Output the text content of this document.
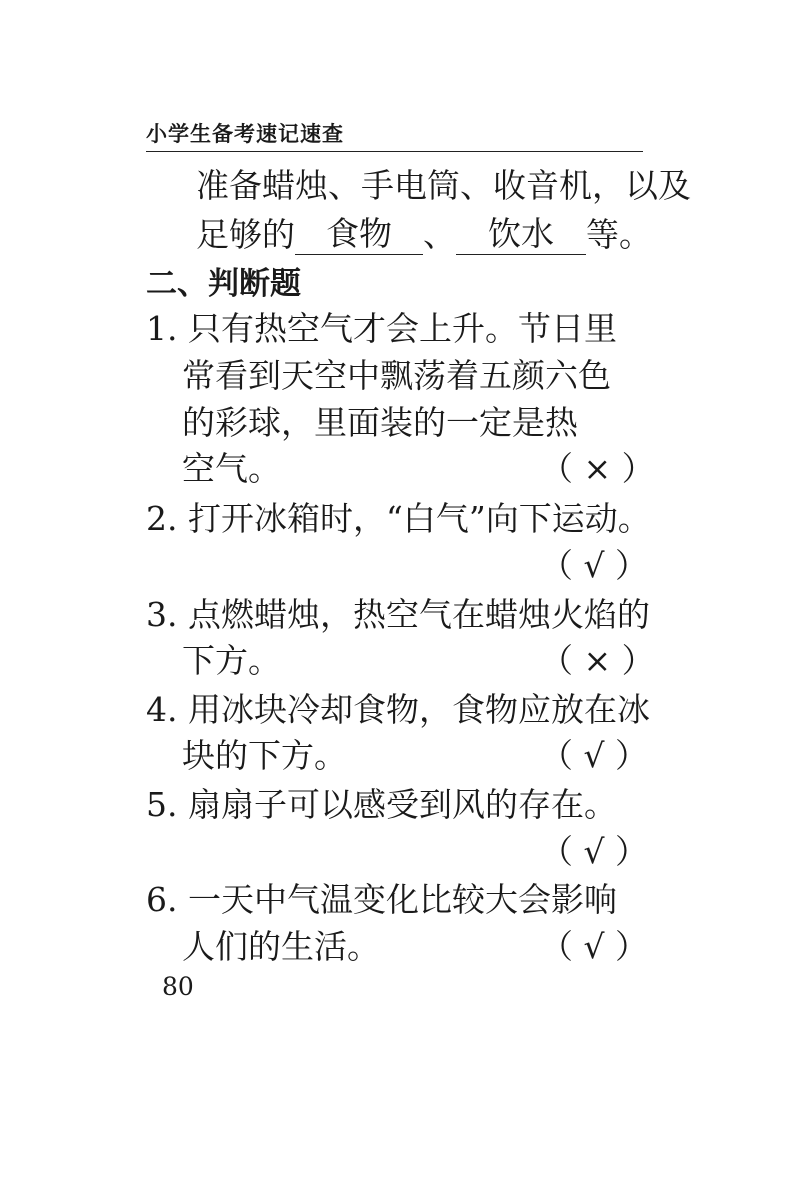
小学生备考速记速查
准备蜡烛、手电筒、收音机，以及
足够的 食物 、 饮水 等。
二、判断题
1. 只有热空气才会上升。节日里
常看到天空中飘荡着五颜六色
的彩球，里面装的一定是热
空气。	（ × ）
2. 打开冰箱时，“白气”向下运动。
（ √ ）
3. 点燃蜡烛，热空气在蜡烛火焰的
下方。	（ × ）
4. 用冰块冷却食物，食物应放在冰
块的下方。	（ √ ）
5. 扇扇子可以感受到风的存在。
（ √ ）
6. 一天中气温变化比较大会影响
人们的生活。	（ √ ）
80
